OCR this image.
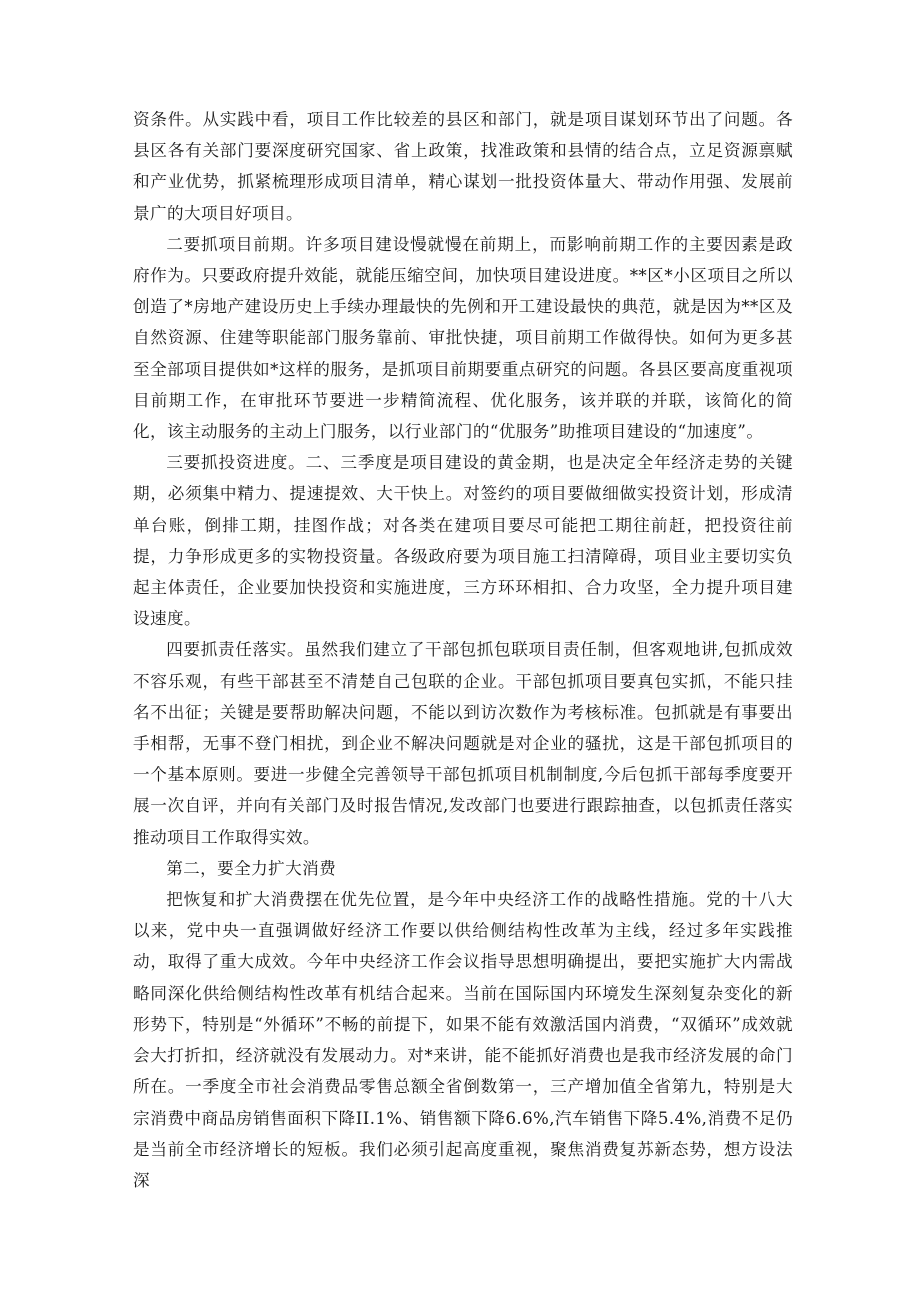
资条件。从实践中看，项目工作比较差的县区和部门，就是项目谋划环节出了问题。各县区各有关部门要深度研究国家、省上政策，找准政策和县情的结合点，立足资源禀赋和产业优势，抓紧梳理形成项目清单，精心谋划一批投资体量大、带动作用强、发展前景广的大项目好项目。

二要抓项目前期。许多项目建设慢就慢在前期上，而影响前期工作的主要因素是政府作为。只要政府提升效能，就能压缩空间，加快项目建设进度。**区*小区项目之所以创造了*房地产建设历史上手续办理最快的先例和开工建设最快的典范，就是因为**区及自然资源、住建等职能部门服务靠前、审批快捷，项目前期工作做得快。如何为更多甚至全部项目提供如*这样的服务，是抓项目前期要重点研究的问题。各县区要高度重视项目前期工作，在审批环节要进一步精简流程、优化服务，该并联的并联，该简化的简化，该主动服务的主动上门服务，以行业部门的“优服务”助推项目建设的“加速度”。

三要抓投资进度。二、三季度是项目建设的黄金期，也是决定全年经济走势的关键期，必须集中精力、提速提效、大干快上。对签约的项目要做细做实投资计划，形成清单台账，倒排工期，挂图作战；对各类在建项目要尽可能把工期往前赶，把投资往前提，力争形成更多的实物投资量。各级政府要为项目施工扫清障碍，项目业主要切实负起主体责任，企业要加快投资和实施进度，三方环环相扣、合力攻坚，全力提升项目建设速度。

四要抓责任落实。虽然我们建立了干部包抓包联项目责任制，但客观地讲,包抓成效不容乐观，有些干部甚至不清楚自己包联的企业。干部包抓项目要真包实抓，不能只挂名不出征；关键是要帮助解决问题，不能以到访次数作为考核标准。包抓就是有事要出手相帮，无事不登门相扰，到企业不解决问题就是对企业的骚扰，这是干部包抓项目的一个基本原则。要进一步健全完善领导干部包抓项目机制制度,今后包抓干部每季度要开展一次自评，并向有关部门及时报告情况,发改部门也要进行跟踪抽查，以包抓责任落实推动项目工作取得实效。

第二，要全力扩大消费

把恢复和扩大消费摆在优先位置，是今年中央经济工作的战略性措施。党的十八大以来，党中央一直强调做好经济工作要以供给侧结构性改革为主线，经过多年实践推动，取得了重大成效。今年中央经济工作会议指导思想明确提出，要把实施扩大内需战略同深化供给侧结构性改革有机结合起来。当前在国际国内环境发生深刻复杂变化的新形势下，特别是“外循环”不畅的前提下，如果不能有效激活国内消费，“双循环”成效就会大打折扣，经济就没有发展动力。对*来讲，能不能抓好消费也是我市经济发展的命门所在。一季度全市社会消费品零售总额全省倒数第一，三产增加值全省第九，特别是大宗消费中商品房销售面积下降II.1%、销售额下降6.6%,汽车销售下降5.4%,消费不足仍是当前全市经济增长的短板。我们必须引起高度重视，聚焦消费复苏新态势，想方设法深
